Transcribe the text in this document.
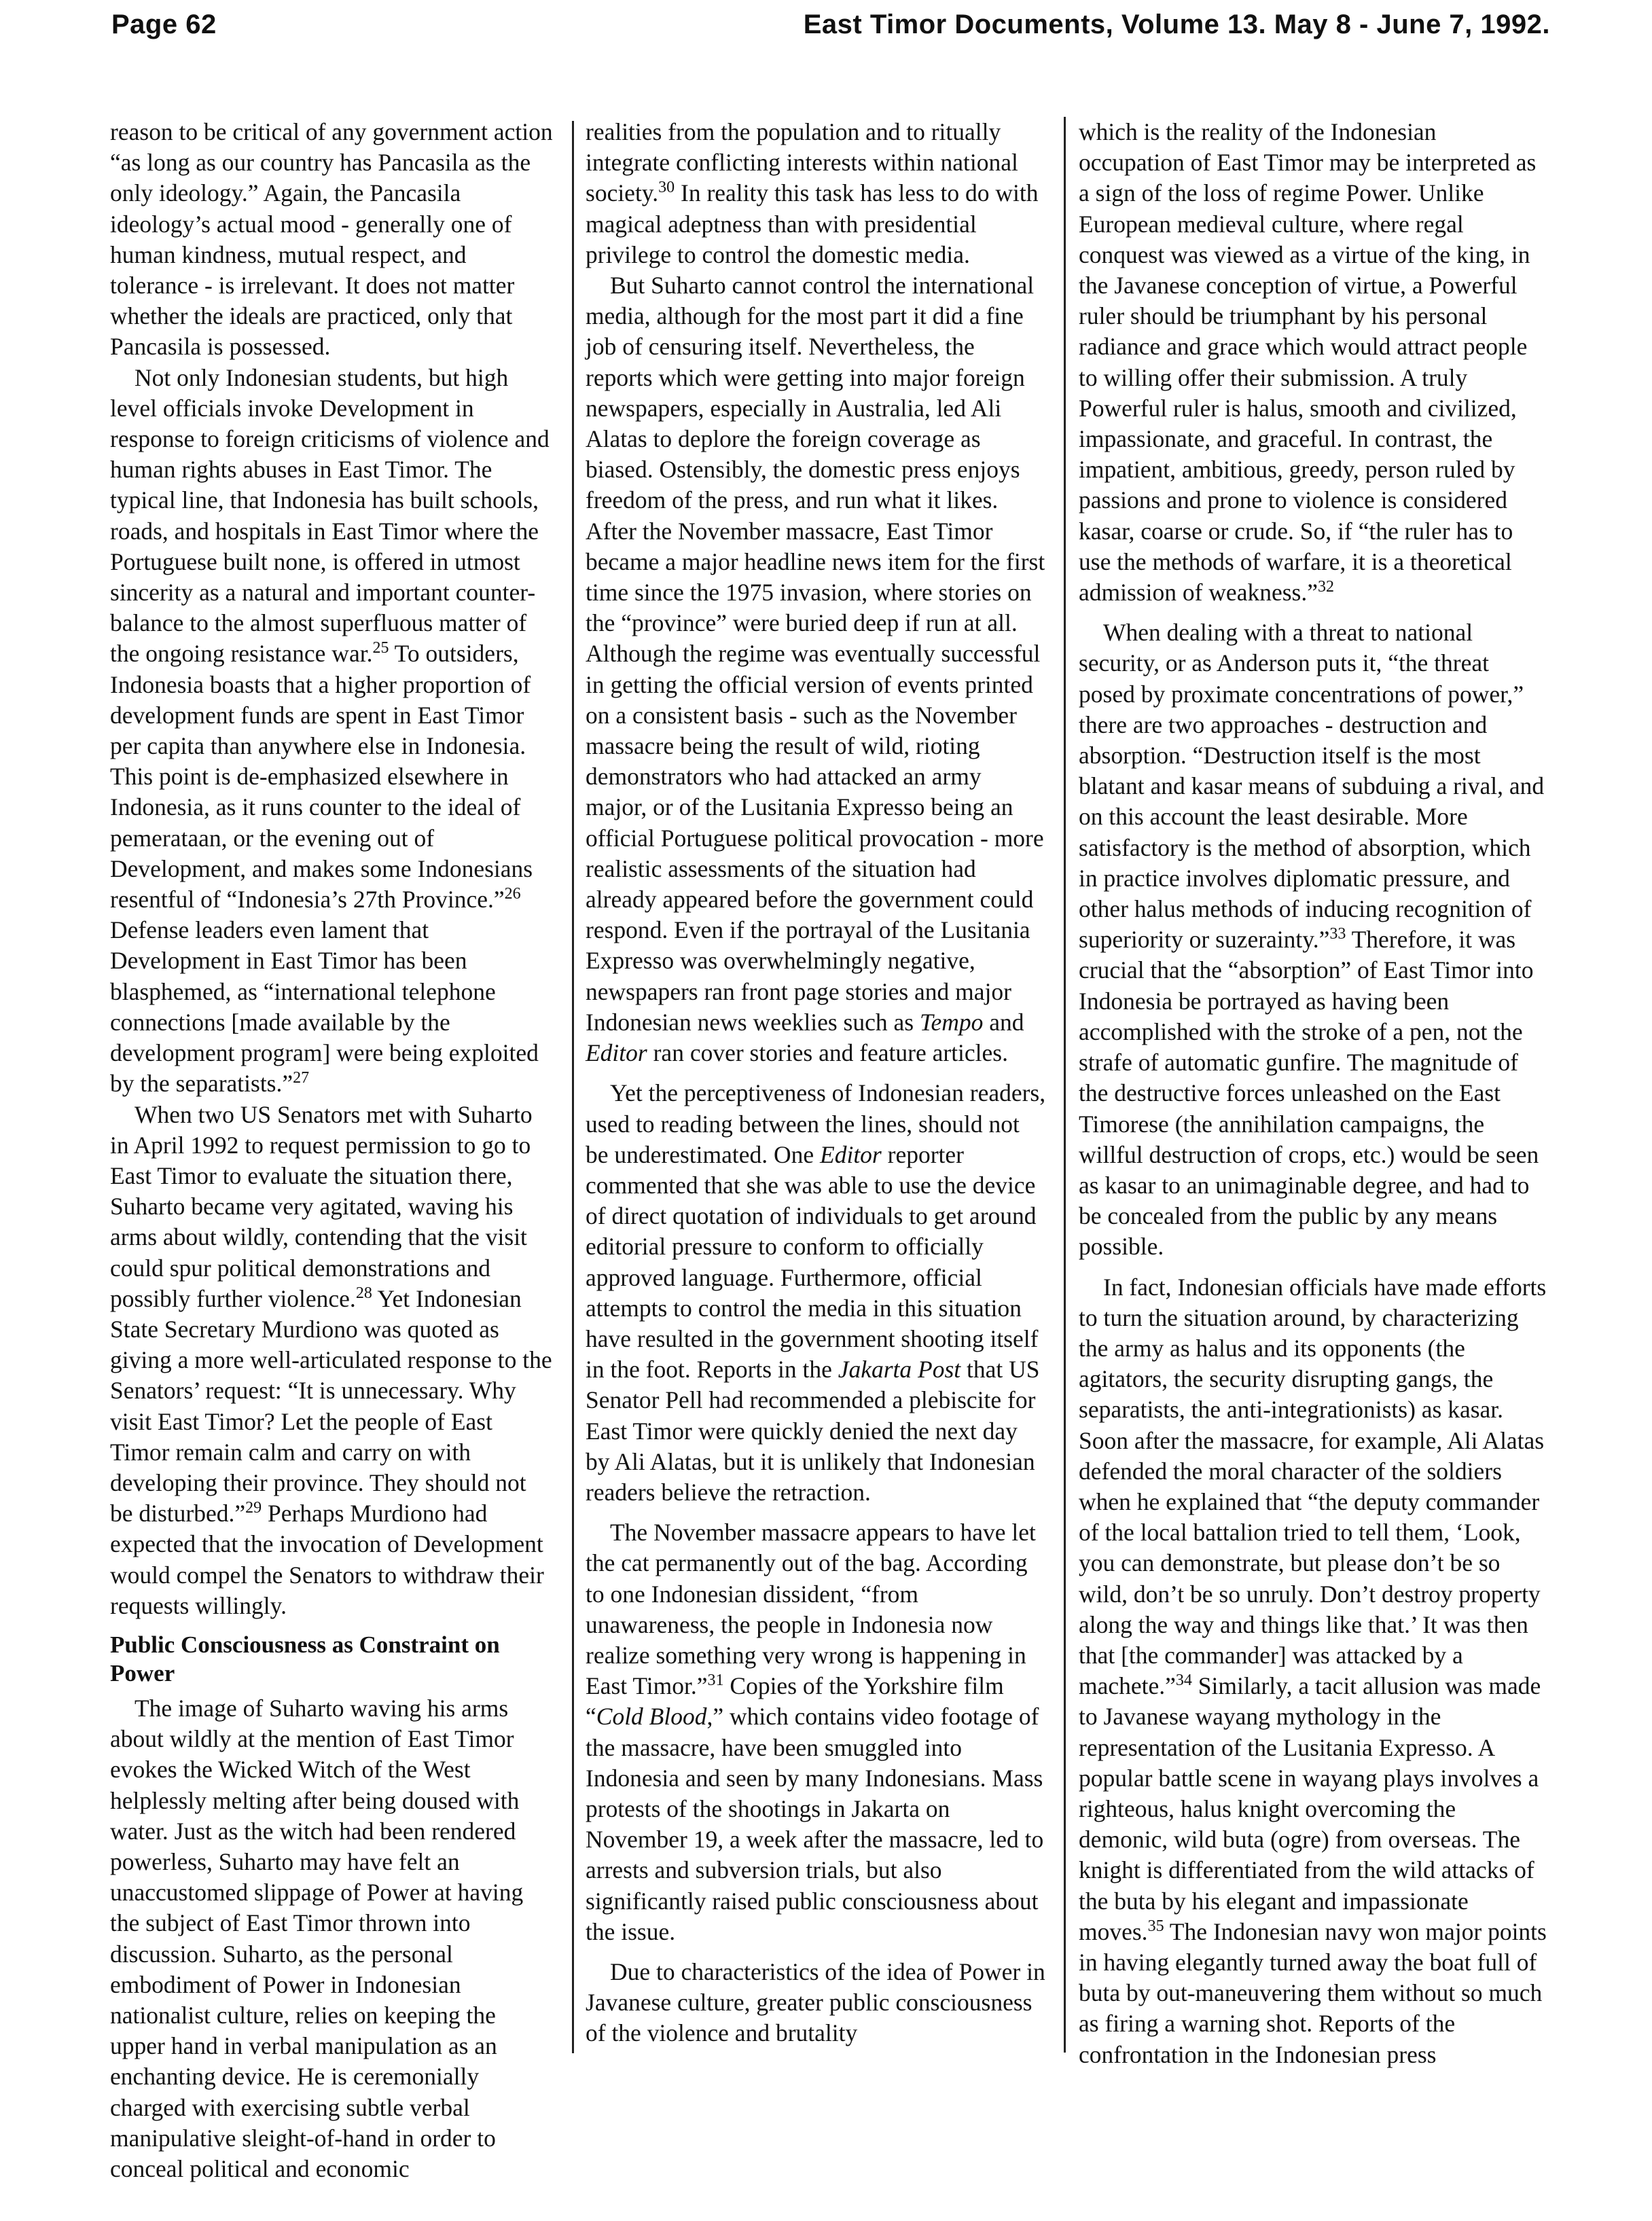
Page 62	East Timor Documents, Volume 13. May 8 - June 7, 1992.

reason to be critical of any government action “as long as our country has Pancasila as the only ideology.” Again, the Pancasila ideology’s actual mood - generally one of human kindness, mutual respect, and tolerance - is irrelevant. It does not matter whether the ideals are practiced, only that Pancasila is possessed.

Not only Indonesian students, but high level officials invoke Development in response to foreign criticisms of violence and human rights abuses in East Timor. The typical line, that Indonesia has built schools, roads, and hospitals in East Timor where the Portuguese built none, is offered in utmost sincerity as a natural and important counter-balance to the almost superfluous matter of the ongoing resistance war.$^{25}$ To outsiders, Indonesia boasts that a higher proportion of development funds are spent in East Timor per capita than anywhere else in Indonesia. This point is de-emphasized elsewhere in Indonesia, as it runs counter to the ideal of pemerataan, or the evening out of Development, and makes some Indonesians resentful of “Indonesia’s 27th Province.”$^{26}$ Defense leaders even lament that Development in East Timor has been blasphemed, as “international telephone connections [made available by the development program] were being exploited by the separatists.”$^{27}$

When two US Senators met with Suharto in April 1992 to request permission to go to East Timor to evaluate the situation there, Suharto became very agitated, waving his arms about wildly, contending that the visit could spur political demonstrations and possibly further violence.$^{28}$ Yet Indonesian State Secretary Murdiono was quoted as giving a more well-articulated response to the Senators’ request: “It is unnecessary. Why visit East Timor? Let the people of East Timor remain calm and carry on with developing their province. They should not be disturbed.”$^{29}$ Perhaps Murdiono had expected that the invocation of Development would compel the Senators to withdraw their requests willingly.

Public Consciousness as Constraint on Power

The image of Suharto waving his arms about wildly at the mention of East Timor evokes the Wicked Witch of the West helplessly melting after being doused with water. Just as the witch had been rendered powerless, Suharto may have felt an unaccustomed slippage of Power at having the subject of East Timor thrown into discussion. Suharto, as the personal embodiment of Power in Indonesian nationalist culture, relies on keeping the upper hand in verbal manipulation as an enchanting device. He is ceremonially charged with exercising subtle verbal manipulative sleight-of-hand in order to conceal political and economic

realities from the population and to ritually integrate conflicting interests within national society.$^{30}$ In reality this task has less to do with magical adeptness than with presidential privilege to control the domestic media.

But Suharto cannot control the international media, although for the most part it did a fine job of censuring itself. Nevertheless, the reports which were getting into major foreign newspapers, especially in Australia, led Ali Alatas to deplore the foreign coverage as biased. Ostensibly, the domestic press enjoys freedom of the press, and run what it likes. After the November massacre, East Timor became a major headline news item for the first time since the 1975 invasion, where stories on the “province” were buried deep if run at all. Although the regime was eventually successful in getting the official version of events printed on a consistent basis - such as the November massacre being the result of wild, rioting demonstrators who had attacked an army major, or of the Lusitania Expresso being an official Portuguese political provocation - more realistic assessments of the situation had already appeared before the government could respond. Even if the portrayal of the Lusitania Expresso was overwhelmingly negative, newspapers ran front page stories and major Indonesian news weeklies such as Tempo and Editor ran cover stories and feature articles.

Yet the perceptiveness of Indonesian readers, used to reading between the lines, should not be underestimated. One Editor reporter commented that she was able to use the device of direct quotation of individuals to get around editorial pressure to conform to officially approved language. Furthermore, official attempts to control the media in this situation have resulted in the government shooting itself in the foot. Reports in the Jakarta Post that US Senator Pell had recommended a plebiscite for East Timor were quickly denied the next day by Ali Alatas, but it is unlikely that Indonesian readers believe the retraction.

The November massacre appears to have let the cat permanently out of the bag. According to one Indonesian dissident, “from unawareness, the people in Indonesia now realize something very wrong is happening in East Timor.”$^{31}$ Copies of the Yorkshire film “Cold Blood,” which contains video footage of the massacre, have been smuggled into Indonesia and seen by many Indonesians. Mass protests of the shootings in Jakarta on November 19, a week after the massacre, led to arrests and subversion trials, but also significantly raised public consciousness about the issue.

Due to characteristics of the idea of Power in Javanese culture, greater public consciousness of the violence and brutality

which is the reality of the Indonesian occupation of East Timor may be interpreted as a sign of the loss of regime Power. Unlike European medieval culture, where regal conquest was viewed as a virtue of the king, in the Javanese conception of virtue, a Powerful ruler should be triumphant by his personal radiance and grace which would attract people to willing offer their submission. A truly Powerful ruler is halus, smooth and civilized, impassionate, and graceful. In contrast, the impatient, ambitious, greedy, person ruled by passions and prone to violence is considered kasar, coarse or crude. So, if “the ruler has to use the methods of warfare, it is a theoretical admission of weakness.”$^{32}$

When dealing with a threat to national security, or as Anderson puts it, “the threat posed by proximate concentrations of power,” there are two approaches - destruction and absorption. “Destruction itself is the most blatant and kasar means of subduing a rival, and on this account the least desirable. More satisfactory is the method of absorption, which in practice involves diplomatic pressure, and other halus methods of inducing recognition of superiority or suzerainty.”$^{33}$ Therefore, it was crucial that the “absorption” of East Timor into Indonesia be portrayed as having been accomplished with the stroke of a pen, not the strafe of automatic gunfire. The magnitude of the destructive forces unleashed on the East Timorese (the annihilation campaigns, the willful destruction of crops, etc.) would be seen as kasar to an unimaginable degree, and had to be concealed from the public by any means possible.

In fact, Indonesian officials have made efforts to turn the situation around, by characterizing the army as halus and its opponents (the agitators, the security disrupting gangs, the separatists, the anti-integrationists) as kasar. Soon after the massacre, for example, Ali Alatas defended the moral character of the soldiers when he explained that “the deputy commander of the local battalion tried to tell them, ‘Look, you can demonstrate, but please don’t be so wild, don’t be so unruly. Don’t destroy property along the way and things like that.’ It was then that [the commander] was attacked by a machete.”$^{34}$ Similarly, a tacit allusion was made to Javanese wayang mythology in the representation of the Lusitania Expresso. A popular battle scene in wayang plays involves a righteous, halus knight overcoming the demonic, wild buta (ogre) from overseas. The knight is differentiated from the wild attacks of the buta by his elegant and impassionate moves.$^{35}$ The Indonesian navy won major points in having elegantly turned away the boat full of buta by out-maneuvering them without so much as firing a warning shot. Reports of the confrontation in the Indonesian press
